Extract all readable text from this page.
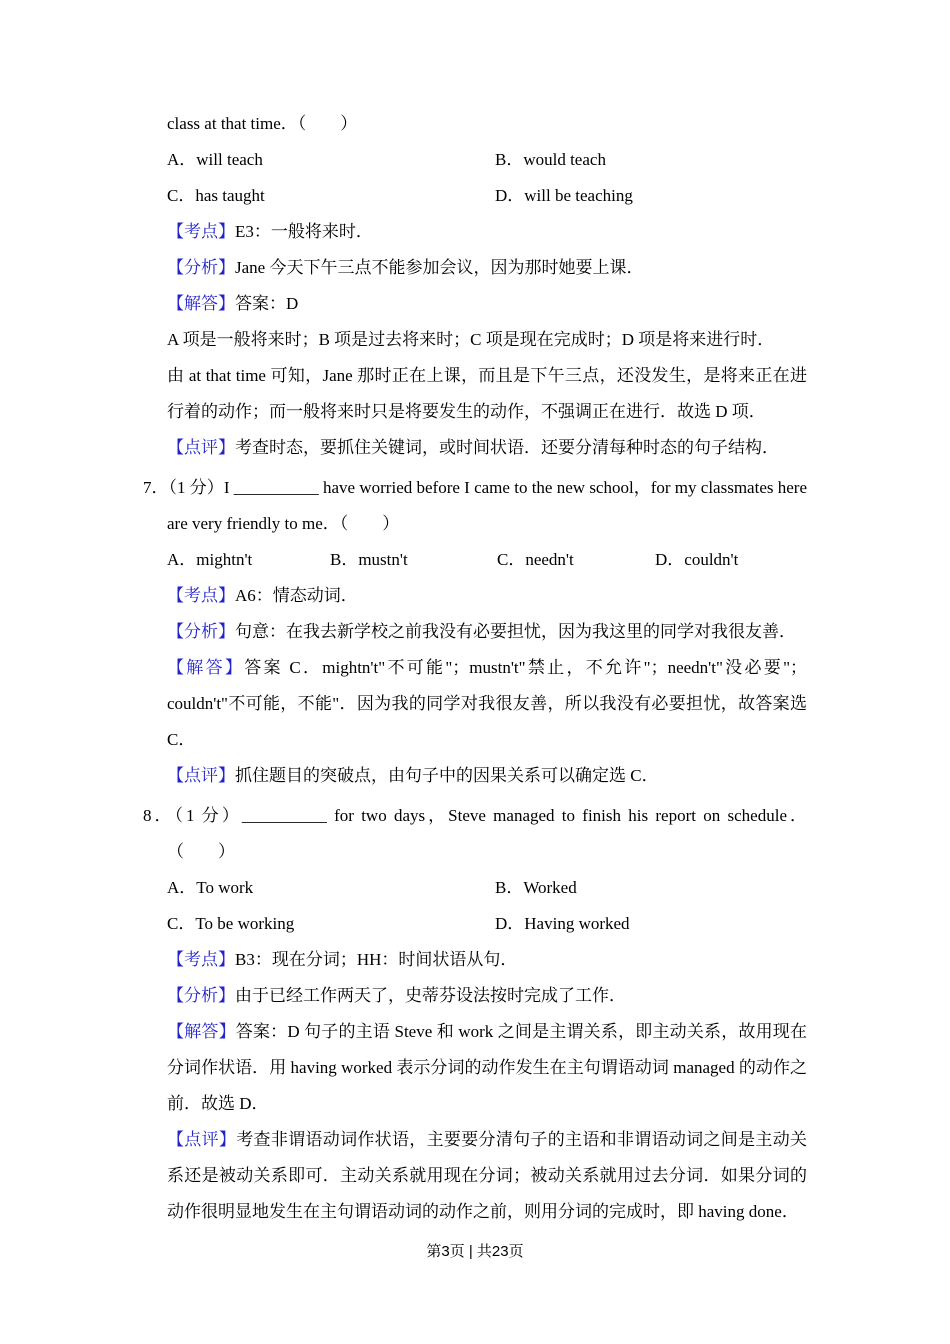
class at that time．（　　）

A．will teach	B．would teach
C．has taught	D．will be teaching

【考点】E3：一般将来时．

【分析】Jane 今天下午三点不能参加会议，因为那时她要上课．

【解答】答案：D

A 项是一般将来时；B 项是过去将来时；C 项是现在完成时；D 项是将来进行时．

由 at that time 可知，Jane 那时正在上课，而且是下午三点，还没发生，是将来正在进行着的动作；而一般将来时只是将要发生的动作，不强调正在进行．故选 D 项．

【点评】考查时态，要抓住关键词，或时间状语．还要分清每种时态的句子结构．

7．（1 分）I __________ have worried before I came to the new school，for my classmates here are very friendly to me．（　　）

A．mightn't	B．mustn't	C．needn't	D．couldn't

【考点】A6：情态动词．

【分析】句意：在我去新学校之前我没有必要担忧，因为我这里的同学对我很友善．

【解答】答案 C．mightn't"不可能"；mustn't"禁止，不允许"；needn't"没必要"；couldn't"不可能，不能"．因为我的同学对我很友善，所以我没有必要担忧，故答案选 C．

【点评】抓住题目的突破点，由句子中的因果关系可以确定选 C．

8．（1 分）__________ for two days，Steve managed to finish his report on schedule．

（　　）

A．To work	B．Worked
C．To be working	D．Having worked

【考点】B3：现在分词；HH：时间状语从句．

【分析】由于已经工作两天了，史蒂芬设法按时完成了工作．

【解答】答案：D 句子的主语 Steve 和 work 之间是主谓关系，即主动关系，故用现在分词作状语．用 having worked 表示分词的动作发生在主句谓语动词 managed 的动作之前．故选 D．

【点评】考查非谓语动词作状语，主要要分清句子的主语和非谓语动词之间是主动关系还是被动关系即可．主动关系就用现在分词；被动关系就用过去分词．如果分词的动作很明显地发生在主句谓语动词的动作之前，则用分词的完成时，即 having done．

第3页 | 共23页
